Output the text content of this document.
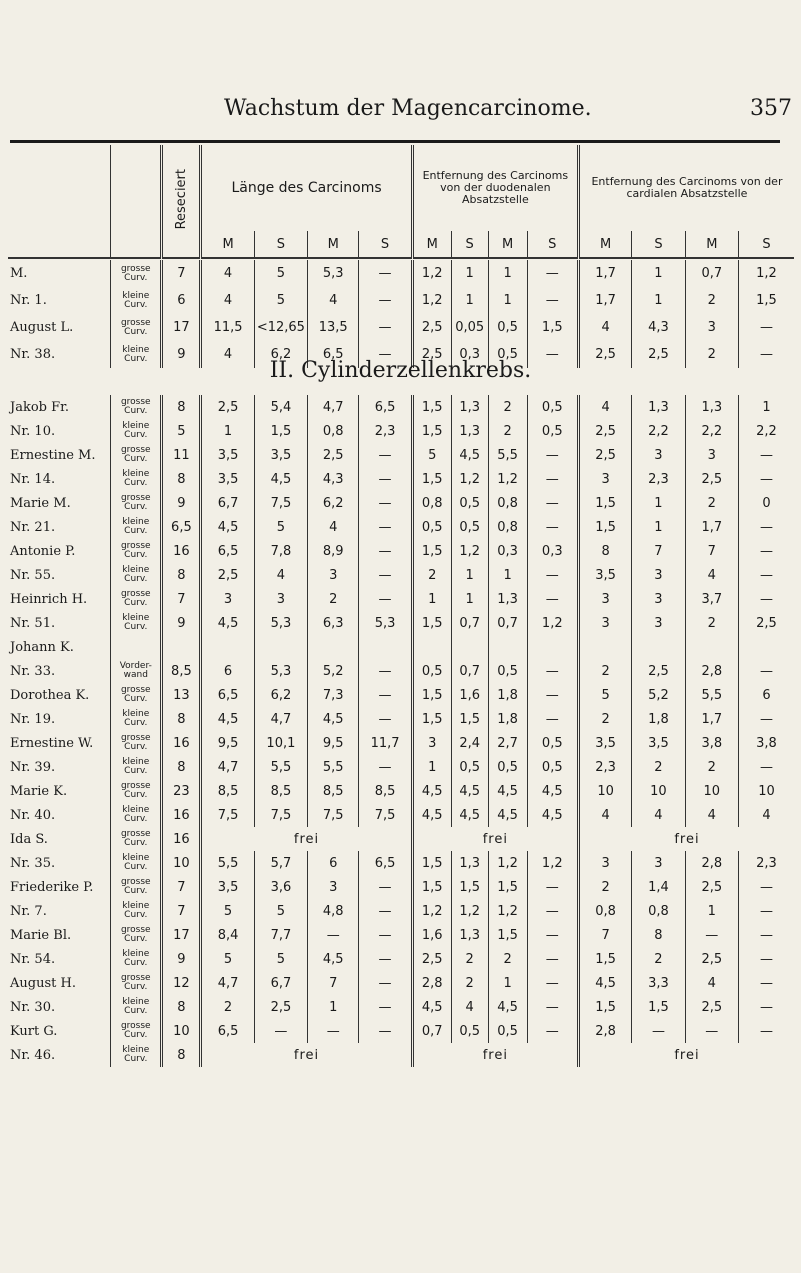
Wachstum der Magencarcinome.	357
		Reseciert	Länge des Carcinoms				Entfernung des Carcinoms von der duodenalen Absatzstelle				Entfernung des Carcinoms von der cardialen Absatzstelle			
			M	S	M	S	M	S	M	S	M	S	M	S
M.	grosse Curv.	7	4	5	5,3	—	1,2	1	1	—	1,7	1	0,7	1,2
Nr. 1.	kleine Curv.	6	4	5	4	—	1,2	1	1	—	1,7	1	2	1,5
August L.	grosse Curv.	17	11,5	<12,65	13,5	—	2,5	0,05	0,5	1,5	4	4,3	3	—
Nr. 38.	kleine Curv.	9	4	6,2	6,5	—	2,5	0,3	0,5	—	2,5	2,5	2	—
II. Cylinderzellenkrebs.
Jakob Fr.	grosse Curv.	8	2,5	5,4	4,7	6,5	1,5	1,3	2	0,5	4	1,3	1,3	1
Nr. 10.	kleine Curv.	5	1	1,5	0,8	2,3	1,5	1,3	2	0,5	2,5	2,2	2,2	2,2
Ernestine M.	grosse Curv.	11	3,5	3,5	2,5	—	5	4,5	5,5	—	2,5	3	3	—
Nr. 14.	kleine Curv.	8	3,5	4,5	4,3	—	1,5	1,2	1,2	—	3	2,3	2,5	—
Marie M.	grosse Curv.	9	6,7	7,5	6,2	—	0,8	0,5	0,8	—	1,5	1	2	0
Nr. 21.	kleine Curv.	6,5	4,5	5	4	—	0,5	0,5	0,8	—	1,5	1	1,7	—
Antonie P.	grosse Curv.	16	6,5	7,8	8,9	—	1,5	1,2	0,3	0,3	8	7	7	—
Nr. 55.	kleine Curv.	8	2,5	4	3	—	2	1	1	—	3,5	3	4	—
Heinrich H.	grosse Curv.	7	3	3	2	—	1	1	1,3	—	3	3	3,7	—
Nr. 51.	kleine Curv.	9	4,5	5,3	6,3	5,3	1,5	0,7	0,7	1,2	3	3	2	2,5
Johann K.														
Nr. 33.	Vorder- wand	8,5	6	5,3	5,2	—	0,5	0,7	0,5	—	2	2,5	2,8	—
Dorothea K.	grosse Curv.	13	6,5	6,2	7,3	—	1,5	1,6	1,8	—	5	5,2	5,5	6
Nr. 19.	kleine Curv.	8	4,5	4,7	4,5	—	1,5	1,5	1,8	—	2	1,8	1,7	—
Ernestine W.	grosse Curv.	16	9,5	10,1	9,5	11,7	3	2,4	2,7	0,5	3,5	3,5	3,8	3,8
Nr. 39.	kleine Curv.	8	4,7	5,5	5,5	—	1	0,5	0,5	0,5	2,3	2	2	—
Marie K.	grosse Curv.	23	8,5	8,5	8,5	8,5	4,5	4,5	4,5	4,5	10	10	10	10
Nr. 40.	kleine Curv.	16	7,5	7,5	7,5	7,5	4,5	4,5	4,5	4,5	4	4	4	4
Ida S.	grosse Curv.	16	frei				frei				frei			
Nr. 35.	kleine Curv.	10	5,5	5,7	6	6,5	1,5	1,3	1,2	1,2	3	3	2,8	2,3
Friederike P.	grosse Curv.	7	3,5	3,6	3	—	1,5	1,5	1,5	—	2	1,4	2,5	—
Nr. 7.	kleine Curv.	7	5	5	4,8	—	1,2	1,2	1,2	—	0,8	0,8	1	—
Marie Bl.	grosse Curv.	17	8,4	7,7	—	—	1,6	1,3	1,5	—	7	8	—	—
Nr. 54.	kleine Curv.	9	5	5	4,5	—	2,5	2	2	—	1,5	2	2,5	—
August H.	grosse Curv.	12	4,7	6,7	7	—	2,8	2	1	—	4,5	3,3	4	—
Nr. 30.	kleine Curv.	8	2	2,5	1	—	4,5	4	4,5	—	1,5	1,5	2,5	—
Kurt G.	grosse Curv.	10	6,5	—	—	—	0,7	0,5	0,5	—	2,8	—	—	—
Nr. 46.	kleine Curv.	8	frei				frei				frei			
